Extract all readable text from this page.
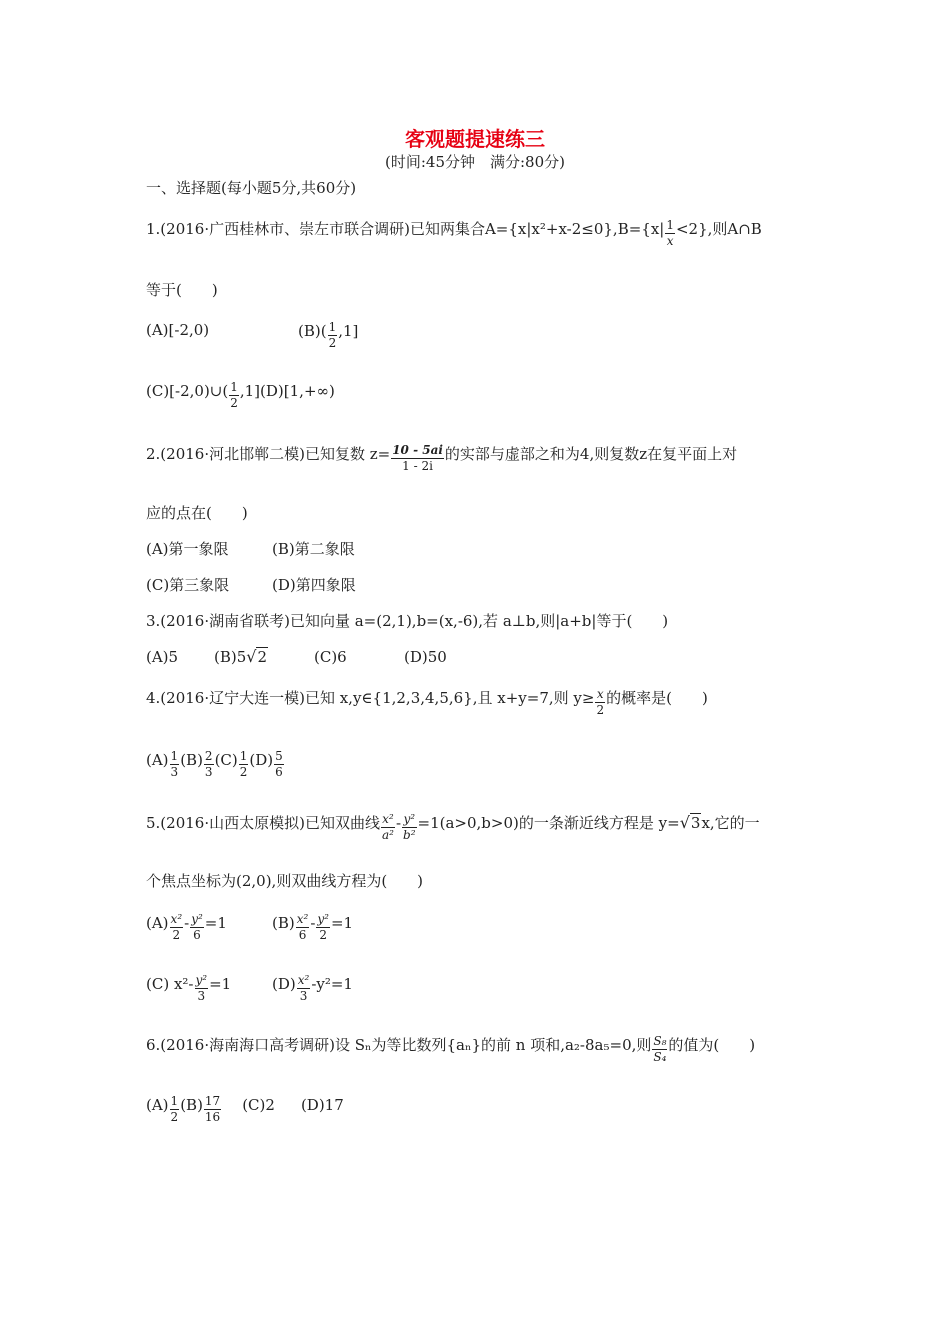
客观题提速练三
(时间:45分钟　满分:80分)
一、选择题(每小题5分,共60分)
1.(2016·广西桂林市、崇左市联合调研)已知两集合$A=\{x|x^2+x-2\le 0\},B=\{x| \frac{1}{x} <2\}$,则A∩B
等于(　　)
(A)[-2,0)	$(B)( \frac{1}{2} ,1]$
(C)[-2,0)∪( $\frac{1}{2} ,1](D)[1,+\infty)$
2.(2016·河北邯郸二模)已知复数 $z= \frac{10 - 5ai}{1 - 2i}$ 的实部与虚部之和为4,则复数z在复平面上对
应的点在(　　)
(A)第一象限	(B)第二象限
(C)第三象限	(D)第四象限
3.(2016·湖南省联考)已知向量 a=(2,1),b=(x,-6),若 a⊥b,则|a+b|等于(　　)
(A)5 (B)5√2	(C)6	(D)50
4.(2016·辽宁大连一模)已知 x,y∈{1,2,3,4,5,6},且 x+y=7,则 $y\ge \frac{x}{2}$ 的概率是(　　)
$(A) \frac{1}{3} (B) \frac{2}{3} (C) \frac{1}{2} (D) \frac{5}{6}$
5.(2016·山西太原模拟)已知双曲线 $\frac{\text{x²}}{\text{a²}} - \frac{\text{y²}}{\text{b²}} =1(a>0,b>0)$的一条渐近线方程是 y=√3x,它的一
个焦点坐标为(2,0),则双曲线方程为(　　)
$(A) \frac{\text{x²}}{2} - \frac{\text{y²}}{6} =1$	$(B) \frac{\text{x²}}{6} - \frac{\text{y²}}{2} =1$
(C) $x^2- \frac{\text{y²}}{3} =1$	$(D) \frac{\text{x²}}{3} -y^2=1$
6.(2016·海南海口高考调研)设 Sₙ为等比数列{aₙ}的前 n 项和,a₂-8a₅=0,则 $\frac{\text{S₈}}{\text{S₄}}$ 的值为(　　)
$(A) \frac{1}{2} (B) \frac{17}{16} (C)2$ (D)17
